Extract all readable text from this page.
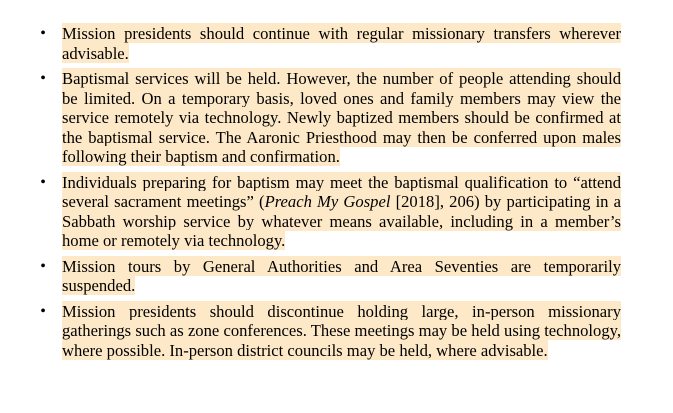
• Mission presidents should continue with regular missionary transfers wherever advisable.
• Baptismal services will be held. However, the number of people attending should be limited. On a temporary basis, loved ones and family members may view the service remotely via technology. Newly baptized members should be confirmed at the baptismal service. The Aaronic Priesthood may then be conferred upon males following their baptism and confirmation.
• Individuals preparing for baptism may meet the baptismal qualification to “attend several sacrament meetings” (Preach My Gospel [2018], 206) by participating in a Sabbath worship service by whatever means available, including in a member’s home or remotely via technology.
• Mission tours by General Authorities and Area Seventies are temporarily suspended.
• Mission presidents should discontinue holding large, in-person missionary gatherings such as zone conferences. These meetings may be held using technology, where possible. In-person district councils may be held, where advisable.
